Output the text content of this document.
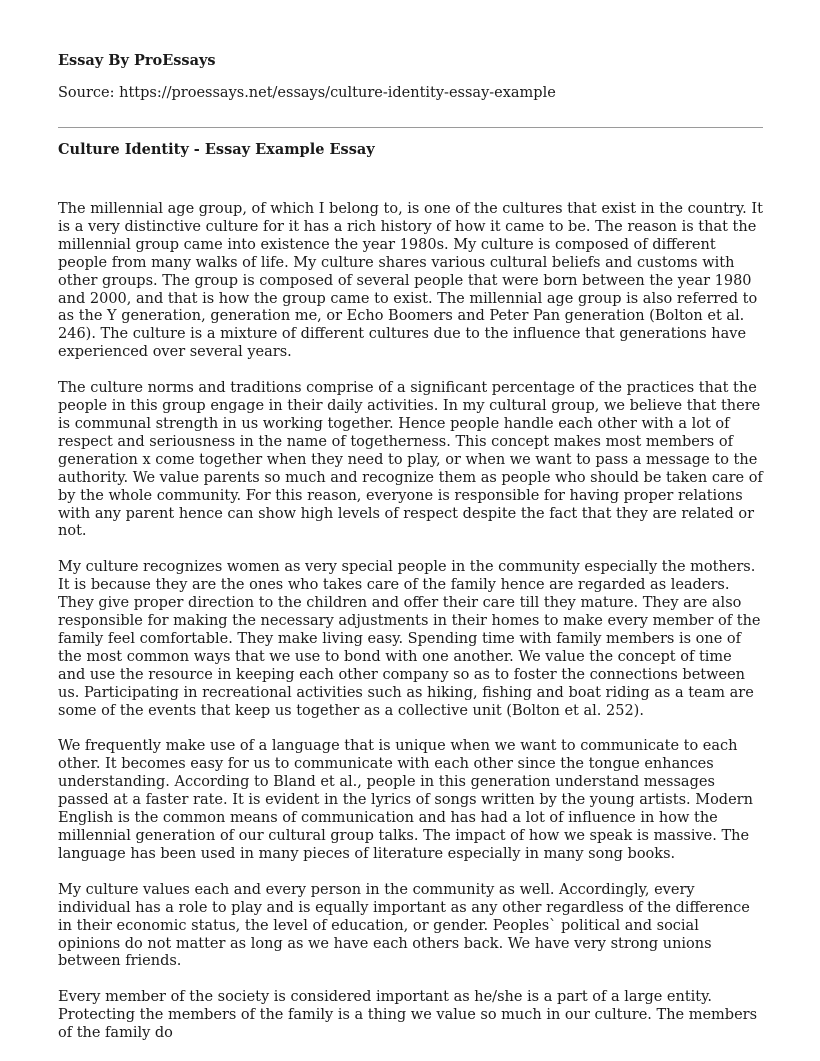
Essay By ProEssays
Source: https://proessays.net/essays/culture-identity-essay-example
Culture Identity - Essay Example Essay

The millennial age group, of which I belong to, is one of the cultures that exist in the country. It is a very distinctive culture for it has a rich history of how it came to be. The reason is that the millennial group came into existence the year 1980s. My culture is composed of different people from many walks of life. My culture shares various cultural beliefs and customs with other groups. The group is composed of several people that were born between the year 1980 and 2000, and that is how the group came to exist. The millennial age group is also referred to as the Y generation, generation me, or Echo Boomers and Peter Pan generation (Bolton et al. 246). The culture is a mixture of different cultures due to the influence that generations have experienced over several years.

The culture norms and traditions comprise of a significant percentage of the practices that the people in this group engage in their daily activities. In my cultural group, we believe that there is communal strength in us working together. Hence people handle each other with a lot of respect and seriousness in the name of togetherness. This concept makes most members of generation x come together when they need to play, or when we want to pass a message to the authority. We value parents so much and recognize them as people who should be taken care of by the whole community. For this reason, everyone is responsible for having proper relations with any parent hence can show high levels of respect despite the fact that they are related or not.

My culture recognizes women as very special people in the community especially the mothers. It is because they are the ones who takes care of the family hence are regarded as leaders. They give proper direction to the children and offer their care till they mature. They are also responsible for making the necessary adjustments in their homes to make every member of the family feel comfortable. They make living easy. Spending time with family members is one of the most common ways that we use to bond with one another. We value the concept of time and use the resource in keeping each other company so as to foster the connections between us. Participating in recreational activities such as hiking, fishing and boat riding as a team are some of the events that keep us together as a collective unit (Bolton et al. 252).

We frequently make use of a language that is unique when we want to communicate to each other. It becomes easy for us to communicate with each other since the tongue enhances understanding. According to Bland et al., people in this generation understand messages passed at a faster rate. It is evident in the lyrics of songs written by the young artists. Modern English is the common means of communication and has had a lot of influence in how the millennial generation of our cultural group talks. The impact of how we speak is massive. The language has been used in many pieces of literature especially in many song books.

My culture values each and every person in the community as well. Accordingly, every individual has a role to play and is equally important as any other regardless of the difference in their economic status, the level of education, or gender. Peoples` political and social opinions do not matter as long as we have each others back. We have very strong unions between friends.

Every member of the society is considered important as he/she is a part of a large entity. Protecting the members of the family is a thing we value so much in our culture. The members of the family do
